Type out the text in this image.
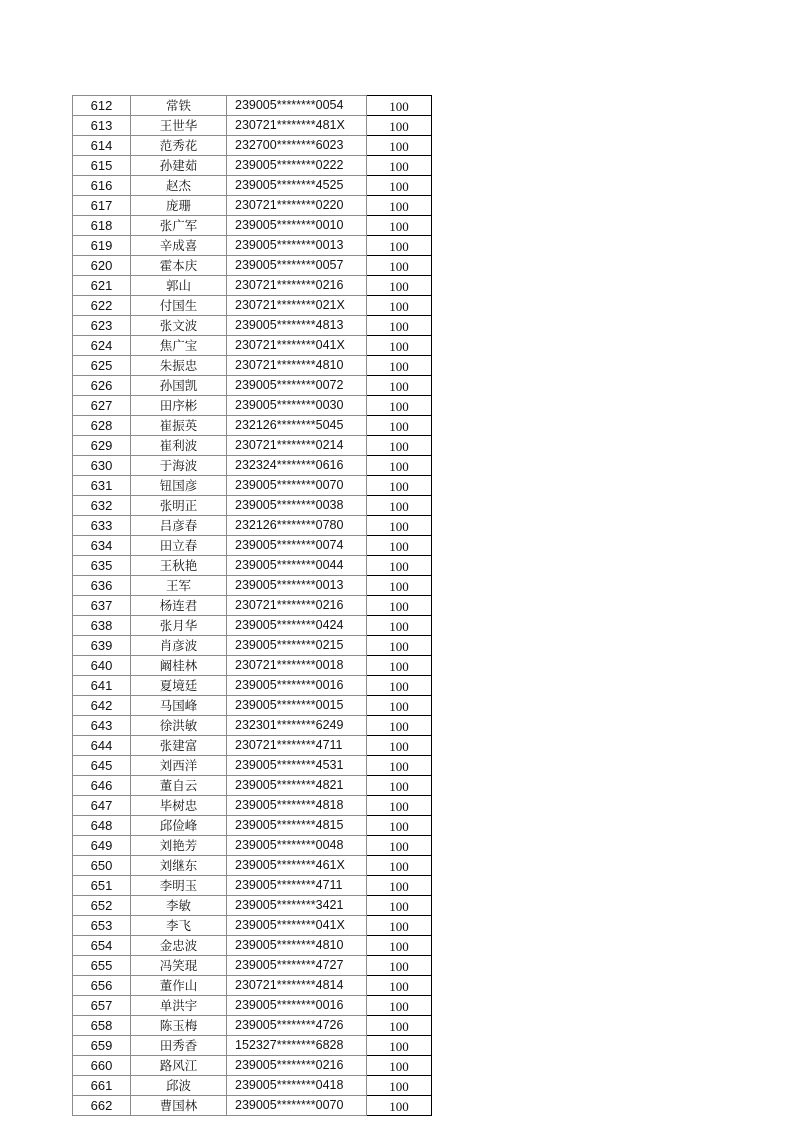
612	常铁	239005********0054	100
613	王世华	230721********481X	100
614	范秀花	232700********6023	100
615	孙建茹	239005********0222	100
616	赵杰	239005********4525	100
617	庞珊	230721********0220	100
618	张广军	239005********0010	100
619	辛成喜	239005********0013	100
620	霍本庆	239005********0057	100
621	郭山	230721********0216	100
622	付国生	230721********021X	100
623	张文波	239005********4813	100
624	焦广宝	230721********041X	100
625	朱振忠	230721********4810	100
626	孙国凯	239005********0072	100
627	田序彬	239005********0030	100
628	崔振英	232126********5045	100
629	崔利波	230721********0214	100
630	于海波	232324********0616	100
631	钮国彦	239005********0070	100
632	张明正	239005********0038	100
633	吕彦春	232126********0780	100
634	田立春	239005********0074	100
635	王秋艳	239005********0044	100
636	王军	239005********0013	100
637	杨连君	230721********0216	100
638	张月华	239005********0424	100
639	肖彦波	239005********0215	100
640	阚桂林	230721********0018	100
641	夏境廷	239005********0016	100
642	马国峰	239005********0015	100
643	徐洪敏	232301********6249	100
644	张建富	230721********4711	100
645	刘西洋	239005********4531	100
646	董自云	239005********4821	100
647	毕树忠	239005********4818	100
648	邱俭峰	239005********4815	100
649	刘艳芳	239005********0048	100
650	刘继东	239005********461X	100
651	李明玉	239005********4711	100
652	李敏	239005********3421	100
653	李飞	239005********041X	100
654	金忠波	239005********4810	100
655	冯笑琨	239005********4727	100
656	董作山	230721********4814	100
657	单洪宇	239005********0016	100
658	陈玉梅	239005********4726	100
659	田秀香	152327********6828	100
660	路风江	239005********0216	100
661	邱波	239005********0418	100
662	曹国林	239005********0070	100
